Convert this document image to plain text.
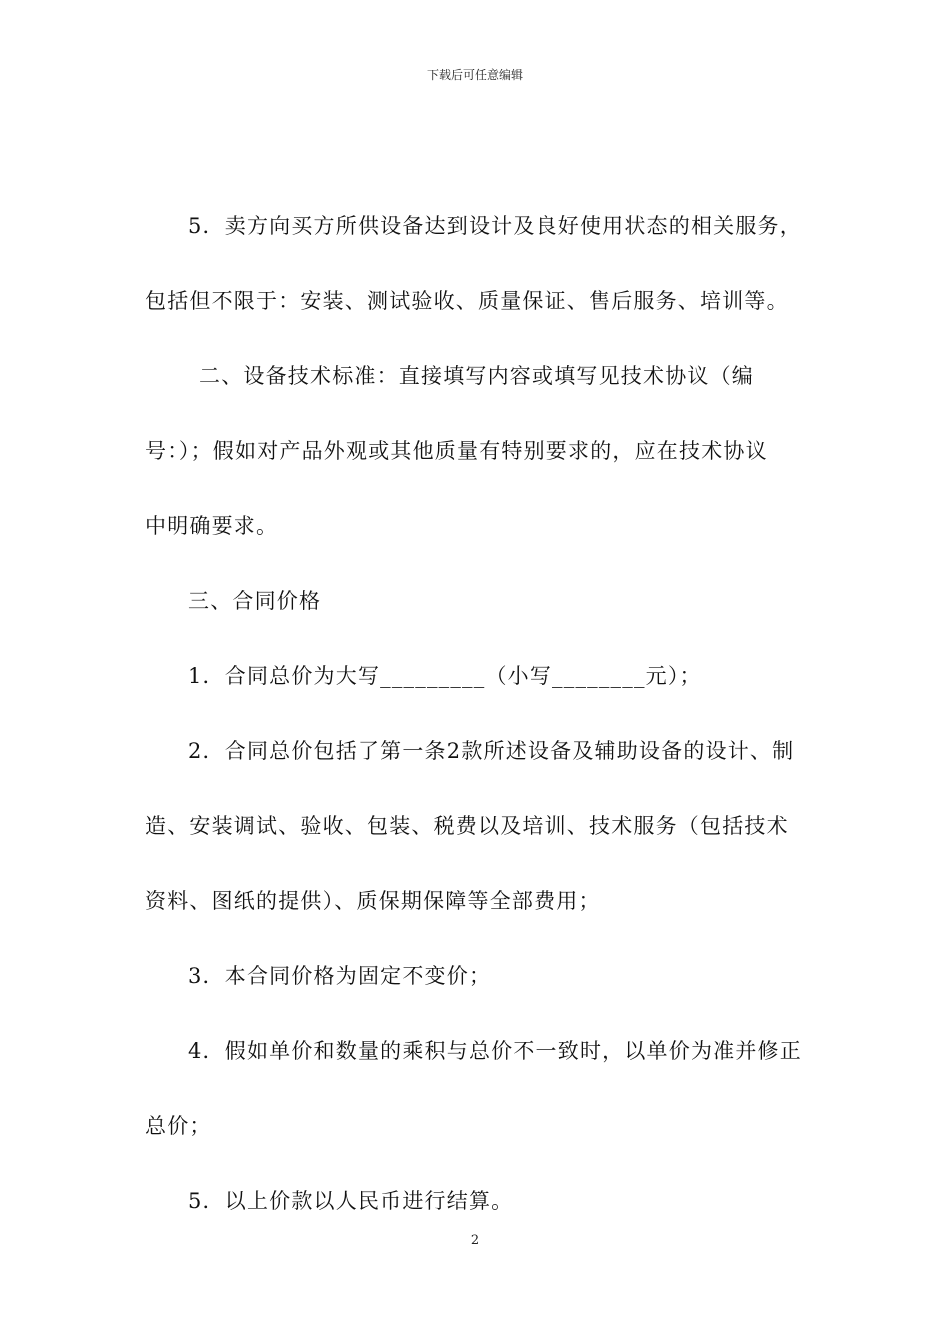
下载后可任意编辑
5．卖方向买方所供设备达到设计及良好使用状态的相关服务，
包括但不限于：安装、测试验收、质量保证、售后服务、培训等。
二、设备技术标准：直接填写内容或填写见技术协议（编
号：）；假如对产品外观或其他质量有特别要求的，应在技术协议
中明确要求。
三、合同价格
1．合同总价为大写_________（小写________元）；
2．合同总价包括了第一条2款所述设备及辅助设备的设计、制
造、安装调试、验收、包装、税费以及培训、技术服务（包括技术
资料、图纸的提供）、质保期保障等全部费用；
3．本合同价格为固定不变价；
4．假如单价和数量的乘积与总价不一致时，以单价为准并修正
总价；
5．以上价款以人民币进行结算。
2
